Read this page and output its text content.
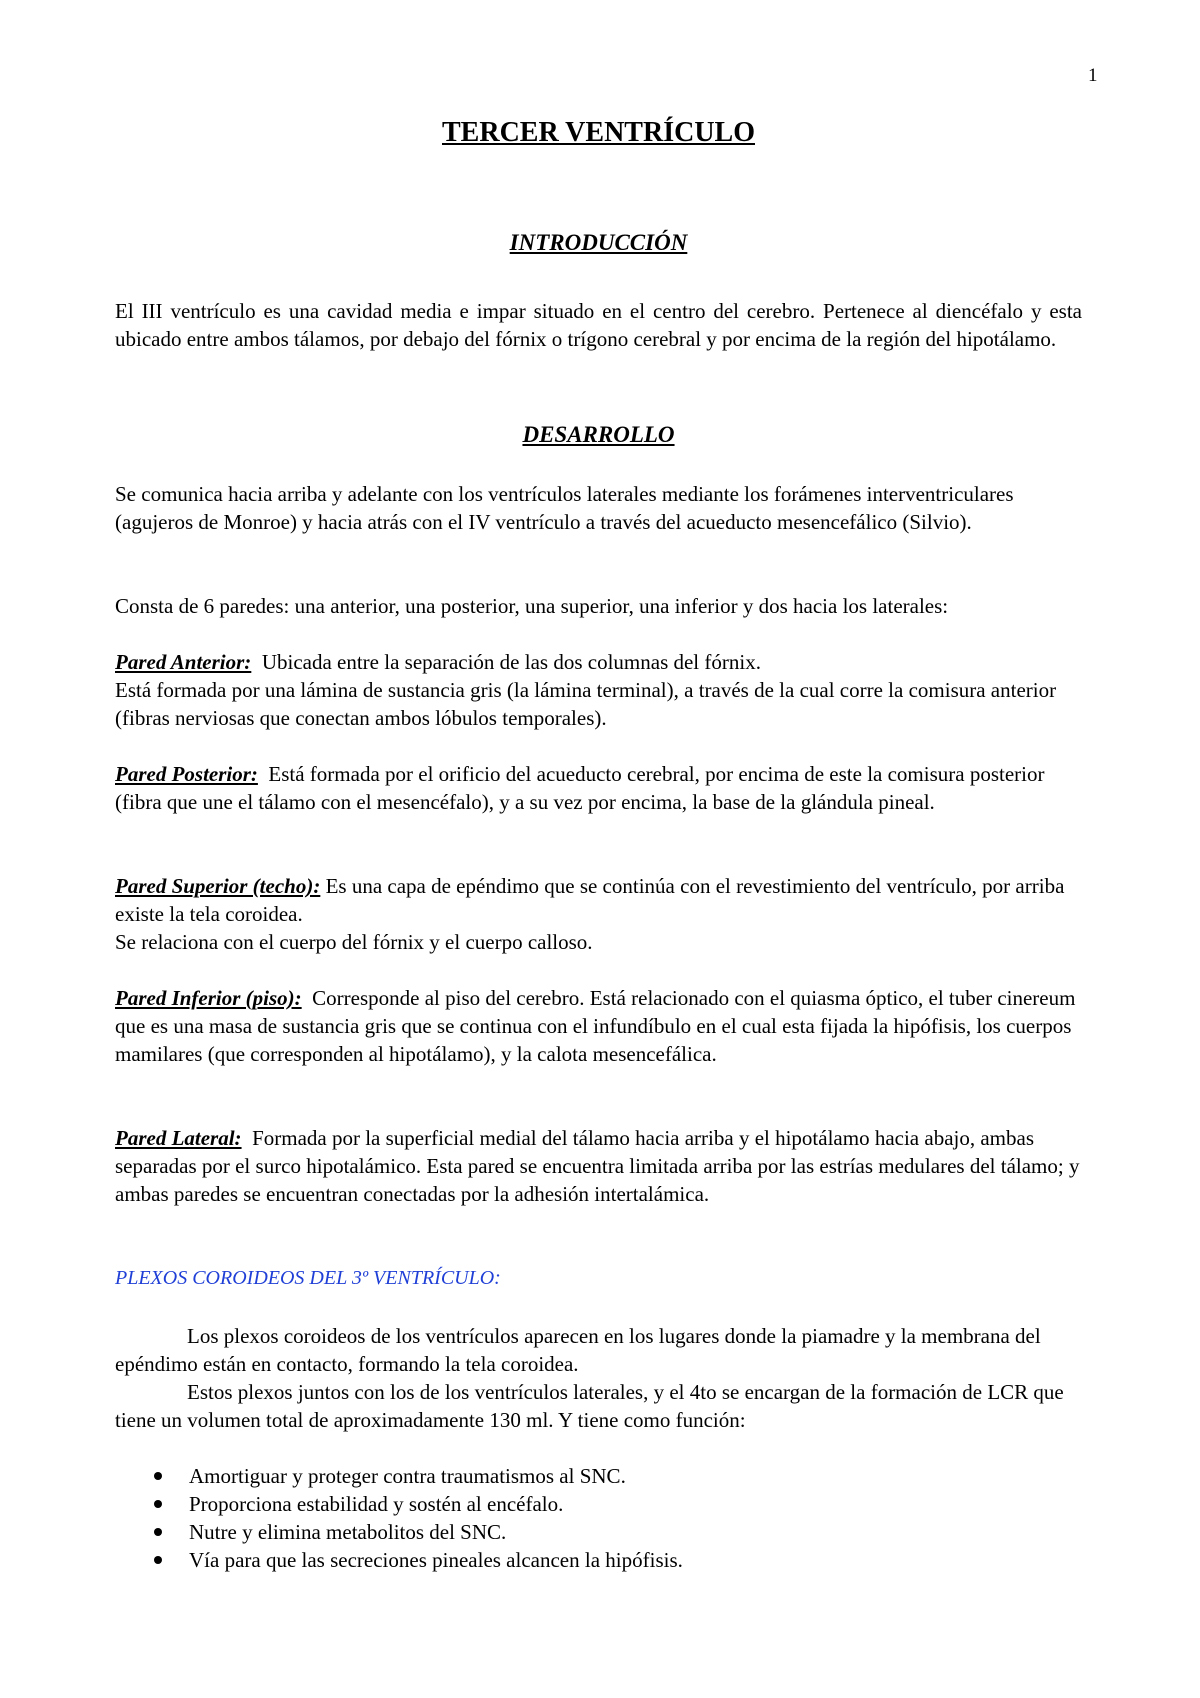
1
TERCER VENTRÍCULO
INTRODUCCIÓN

El III ventrículo es una cavidad media e impar situado en el centro del cerebro. Pertenece al diencéfalo y esta ubicado entre ambos tálamos, por debajo del fórnix o trígono cerebral y por encima de la región del hipotálamo.

DESARROLLO

Se comunica hacia arriba y adelante con los ventrículos laterales mediante los forámenes interventriculares (agujeros de Monroe) y hacia atrás con el IV ventrículo a través del acueducto mesencefálico (Silvio).

Consta de 6 paredes: una anterior, una posterior, una superior, una inferior y dos hacia los laterales:

Pared Anterior: Ubicada entre la separación de las dos columnas del fórnix.
Está formada por una lámina de sustancia gris (la lámina terminal), a través de la cual corre la comisura anterior (fibras nerviosas que conectan ambos lóbulos temporales).
Pared Posterior: Está formada por el orificio del acueducto cerebral, por encima de este la comisura posterior (fibra que une el tálamo con el mesencéfalo), y a su vez por encima, la base de la glándula pineal.
Pared Superior (techo): Es una capa de epéndimo que se continúa con el revestimiento del ventrículo, por arriba existe la tela coroidea.
Se relaciona con el cuerpo del fórnix y el cuerpo calloso.
Pared Inferior (piso): Corresponde al piso del cerebro. Está relacionado con el quiasma óptico, el tuber cinereum que es una masa de sustancia gris que se continua con el infundíbulo en el cual esta fijada la hipófisis, los cuerpos mamilares (que corresponden al hipotálamo), y la calota mesencefálica.
Pared Lateral: Formada por la superficial medial del tálamo hacia arriba y el hipotálamo hacia abajo, ambas separadas por el surco hipotalámico. Esta pared se encuentra limitada arriba por las estrías medulares del tálamo; y ambas paredes se encuentran conectadas por la adhesión intertalámica.
PLEXOS COROIDEOS DEL 3º VENTRÍCULO:

Los plexos coroideos de los ventrículos aparecen en los lugares donde la piamadre y la membrana del epéndimo están en contacto, formando la tela coroidea.

Estos plexos juntos con los de los ventrículos laterales, y el 4to se encargan de la formación de LCR que tiene un volumen total de aproximadamente 130 ml. Y tiene como función:

Amortiguar y proteger contra traumatismos al SNC.
Proporciona estabilidad y sostén al encéfalo.
Nutre y elimina metabolitos del SNC.
Vía para que las secreciones pineales alcancen la hipófisis.
